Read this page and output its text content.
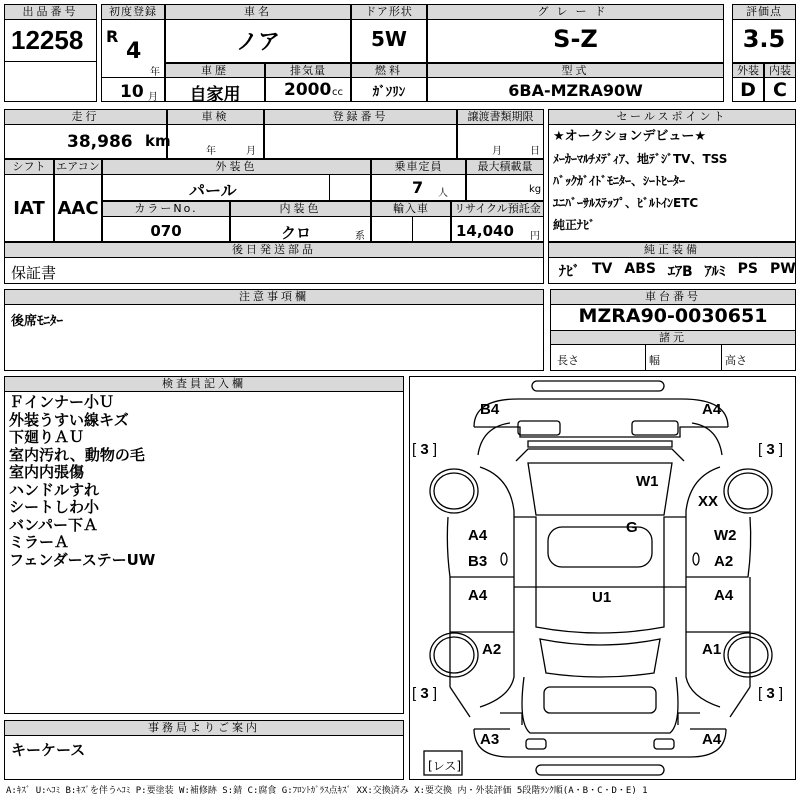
出品番号
12258
初度登録
R
4
年
10 月
車名
ノア
ドア形状
5W
グレード
S-Z
評価点
3.5
車歴
自家用
排気量
2000 cc
燃料
ｶﾞｿﾘﾝ
型式
6BA-MZRA90W
外装
D
内装
C
走行
38,986 km
車検
年	月
登録番号	譲渡書類期限
月	日
シフト
IAT
エアコン
AAC
外装色
パール
乗車定員
7 人
最大積載量
kg
カラーNo.
070
内装色
クロ	系
輸入車	リサイクル預託金
14,040 円
後日発送部品
保証書
セールスポイント
★オークションデビュー★
ﾒｰｶｰﾏﾙﾁﾒﾃﾞｨｱ、地ﾃﾞｼﾞTV、TSS
ﾊﾞｯｸｶﾞｲﾄﾞﾓﾆﾀｰ、ｼｰﾄﾋｰﾀｰ
ﾕﾆﾊﾞｰｻﾙｽﾃｯﾌﾟ、ﾋﾞﾙﾄｲﾝETC
純正ﾅﾋﾞ
純正装備
ﾅﾋﾞ TV ABS ｴｱB ｱﾙﾐ PS PW
注意事項欄
後席ﾓﾆﾀｰ
車台番号
MZRA90-0030651
諸元
長さ	幅	高さ
検査員記入欄
Ｆインナー小Ｕ
外装うすい線キズ
下廻りＡＵ
室内汚れ、動物の毛
室内内張傷
ハンドルすれ
シートしわ小
バンパー下Ａ
ミラーＡ
フェンダーステーUW
事務局よりご案内
キーケース
B4	A4
W1
XX
G
A4
B3
W2
A2
A4	U1	A4
A2	A1
A3	A4
[ 3 ]	[ 3 ]
[ 3 ]	[ 3 ]
[レス]
A:ｷｽﾞ U:ﾍｺﾐ B:ｷｽﾞを伴うﾍｺﾐ P:要塗装 W:補修跡 S:錆 C:腐食 G:ﾌﾛﾝﾄｶﾞﾗｽ点ｷｽﾞ XX:交換済み X:要交換 内・外装評価 5段階ﾗﾝｸ順(A・B・C・D・E) 1
